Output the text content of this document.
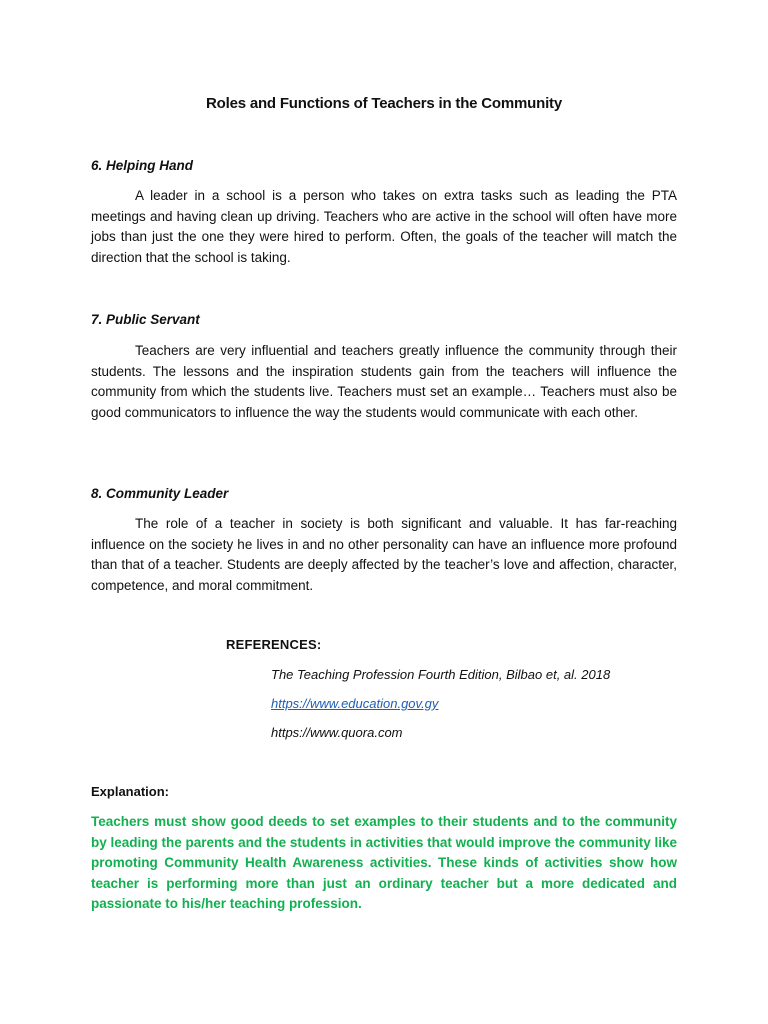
Roles and Functions of Teachers in the Community
6. Helping Hand

A leader in a school is a person who takes on extra tasks such as leading the PTA meetings and having clean up driving. Teachers who are active in the school will often have more jobs than just the one they were hired to perform. Often, the goals of the teacher will match the direction that the school is taking.

7. Public Servant

Teachers are very influential and teachers greatly influence the community through their students. The lessons and the inspiration students gain from the teachers will influence the community from which the students live. Teachers must set an example… Teachers must also be good communicators to influence the way the students would communicate with each other.

8. Community Leader

The role of a teacher in society is both significant and valuable. It has far-reaching influence on the society he lives in and no other personality can have an influence more profound than that of a teacher. Students are deeply affected by the teacher’s love and affection, character, competence, and moral commitment.

REFERENCES:
The Teaching Profession Fourth Edition, Bilbao et, al. 2018
https://www.education.gov.gy
https://www.quora.com
Explanation:

Teachers must show good deeds to set examples to their students and to the community by leading the parents and the students in activities that would improve the community like promoting Community Health Awareness activities. These kinds of activities show how teacher is performing more than just an ordinary teacher but a more dedicated and passionate to his/her teaching profession.
